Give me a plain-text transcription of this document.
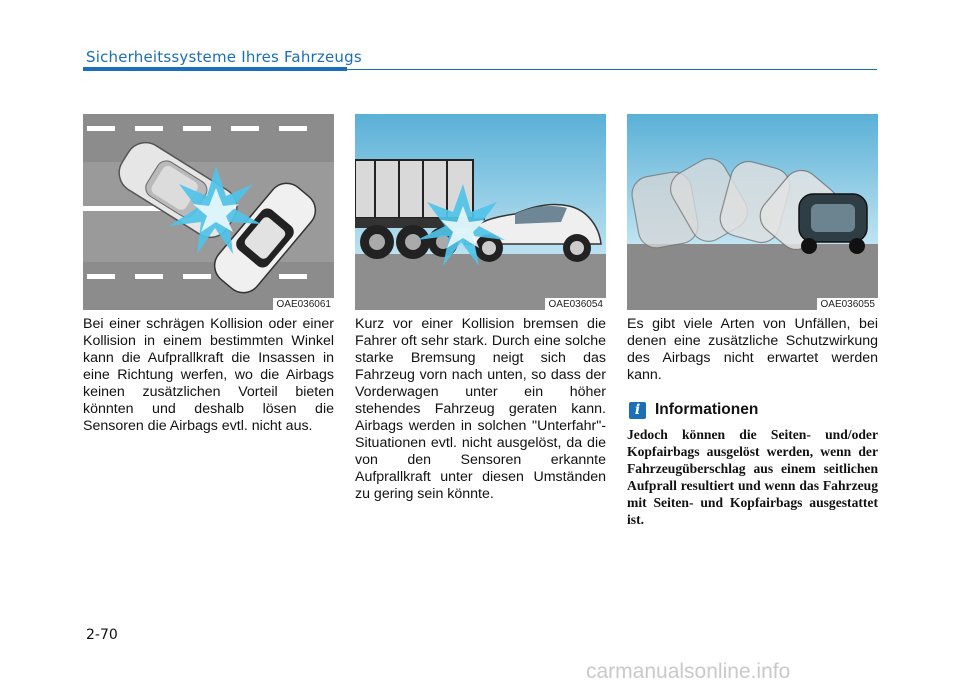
Sicherheitssysteme Ihres Fahrzeugs
OAE036061	OAE036054	OAE036055
Bei einer schrägen Kollision oder einer Kollision in einem bestimmten Winkel kann die Aufprallkraft die Insassen in eine Richtung werfen, wo die Airbags keinen zusätzlichen Vorteil bieten könnten und deshalb lösen die Sensoren die Airbags evtl. nicht aus.
Kurz vor einer Kollision bremsen die Fahrer oft sehr stark. Durch eine solche starke Bremsung neigt sich das Fahrzeug vorn nach unten, so dass der Vorderwagen unter ein höher stehendes Fahrzeug geraten kann. Airbags werden in solchen "Unterfahr"- Situationen evtl. nicht ausgelöst, da die von den Sensoren erkannte Aufprallkraft unter diesen Umständen zu gering sein könnte.
Es gibt viele Arten von Unfällen, bei denen eine zusätzliche Schutzwirkung des Airbags nicht erwartet werden kann.
i Informationen
Jedoch können die Seiten- und/oder Kopfairbags ausgelöst werden, wenn der Fahrzeugüberschlag aus einem seitlichen Aufprall resultiert und wenn das Fahrzeug mit Seiten- und Kopfairbags ausgestattet ist.
2-70
carmanualsonline.info
